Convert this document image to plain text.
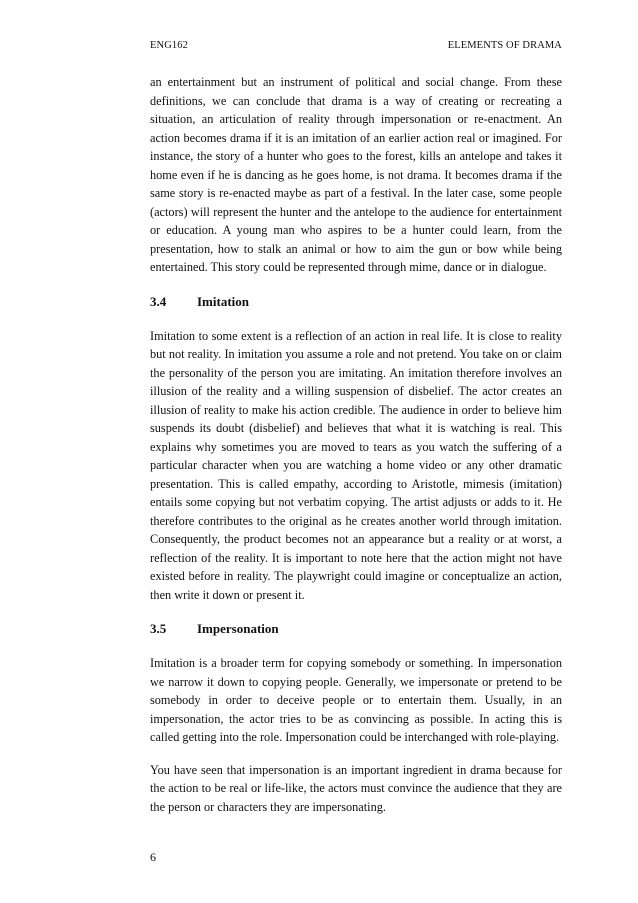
ENG162	ELEMENTS OF DRAMA

an entertainment but an instrument of political and social change. From these definitions, we can conclude that drama is a way of creating or recreating a situation, an articulation of reality through impersonation or re-enactment. An action becomes drama if it is an imitation of an earlier action real or imagined. For instance, the story of a hunter who goes to the forest, kills an antelope and takes it home even if he is dancing as he goes home, is not drama. It becomes drama if the same story is re-enacted maybe as part of a festival. In the later case, some people (actors) will represent the hunter and the antelope to the audience for entertainment or education. A young man who aspires to be a hunter could learn, from the presentation, how to stalk an animal or how to aim the gun or bow while being entertained. This story could be represented through mime, dance or in dialogue.

3.4	Imitation

Imitation to some extent is a reflection of an action in real life. It is close to reality but not reality. In imitation you assume a role and not pretend. You take on or claim the personality of the person you are imitating. An imitation therefore involves an illusion of the reality and a willing suspension of disbelief. The actor creates an illusion of reality to make his action credible. The audience in order to believe him suspends its doubt (disbelief) and believes that what it is watching is real. This explains why sometimes you are moved to tears as you watch the suffering of a particular character when you are watching a home video or any other dramatic presentation. This is called empathy, according to Aristotle, mimesis (imitation) entails some copying but not verbatim copying. The artist adjusts or adds to it. He therefore contributes to the original as he creates another world through imitation. Consequently, the product becomes not an appearance but a reality or at worst, a reflection of the reality. It is important to note here that the action might not have existed before in reality. The playwright could imagine or conceptualize an action, then write it down or present it.

3.5	Impersonation

Imitation is a broader term for copying somebody or something. In impersonation we narrow it down to copying people. Generally, we impersonate or pretend to be somebody in order to deceive people or to entertain them. Usually, in an impersonation, the actor tries to be as convincing as possible. In acting this is called getting into the role. Impersonation could be interchanged with role-playing.

You have seen that impersonation is an important ingredient in drama because for the action to be real or life-like, the actors must convince the audience that they are the person or characters they are impersonating.

6
